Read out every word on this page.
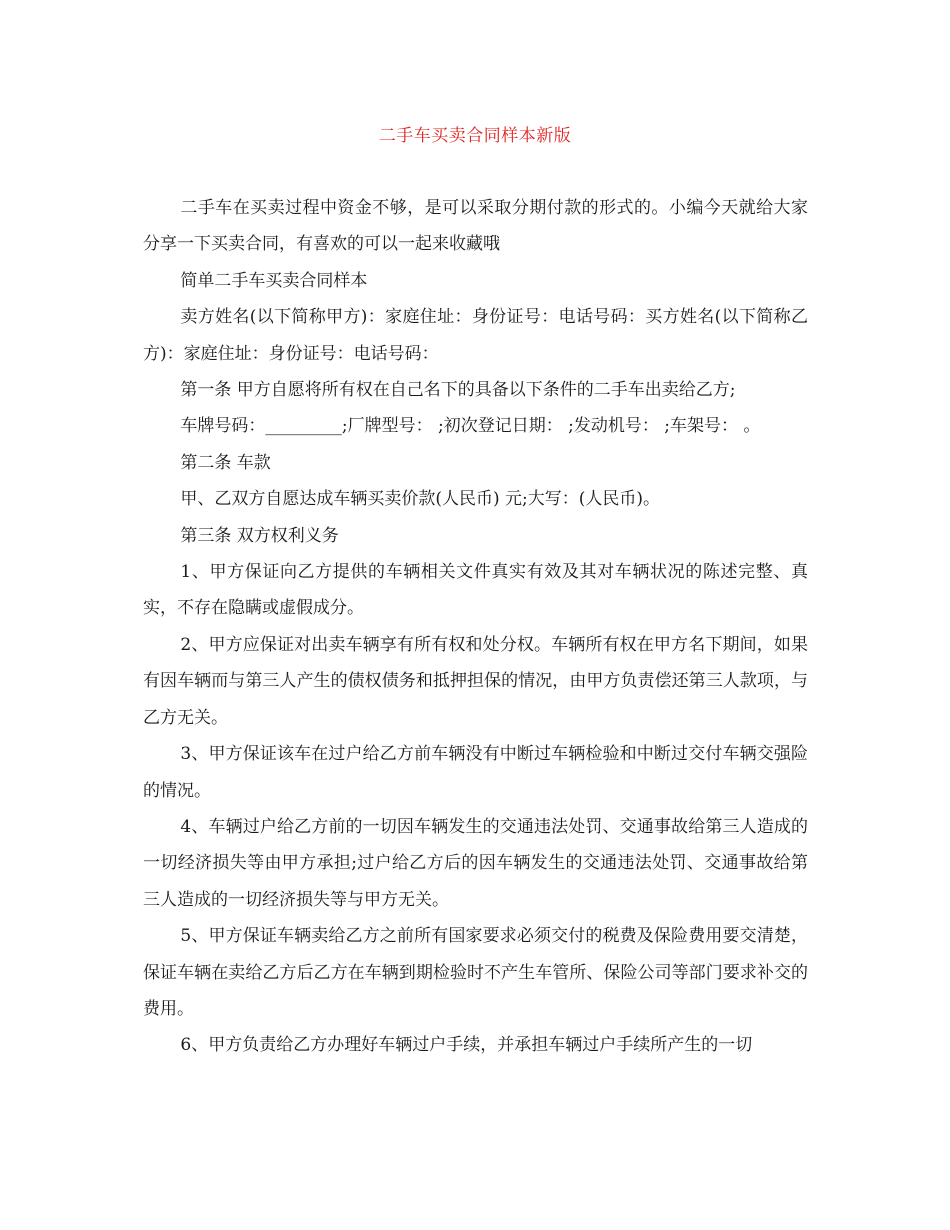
二手车买卖合同样本新版

二手车在买卖过程中资金不够，是可以采取分期付款的形式的。小编今天就给大家分享一下买卖合同，有喜欢的可以一起来收藏哦

简单二手车买卖合同样本

卖方姓名(以下简称甲方)：家庭住址：身份证号：电话号码：买方姓名(以下简称乙方)：家庭住址：身份证号：电话号码：

第一条 甲方自愿将所有权在自己名下的具备以下条件的二手车出卖给乙方;

车牌号码：_________;厂牌型号： ;初次登记日期： ;发动机号： ;车架号： 。

第二条 车款

甲、乙双方自愿达成车辆买卖价款(人民币) 元;大写：(人民币)。

第三条 双方权利义务

1、甲方保证向乙方提供的车辆相关文件真实有效及其对车辆状况的陈述完整、真实，不存在隐瞒或虚假成分。

2、甲方应保证对出卖车辆享有所有权和处分权。车辆所有权在甲方名下期间，如果有因车辆而与第三人产生的债权债务和抵押担保的情况，由甲方负责偿还第三人款项，与乙方无关。

3、甲方保证该车在过户给乙方前车辆没有中断过车辆检验和中断过交付车辆交强险的情况。

4、车辆过户给乙方前的一切因车辆发生的交通违法处罚、交通事故给第三人造成的一切经济损失等由甲方承担;过户给乙方后的因车辆发生的交通违法处罚、交通事故给第三人造成的一切经济损失等与甲方无关。

5、甲方保证车辆卖给乙方之前所有国家要求必须交付的税费及保险费用要交清楚，保证车辆在卖给乙方后乙方在车辆到期检验时不产生车管所、保险公司等部门要求补交的费用。

6、甲方负责给乙方办理好车辆过户手续，并承担车辆过户手续所产生的一切
